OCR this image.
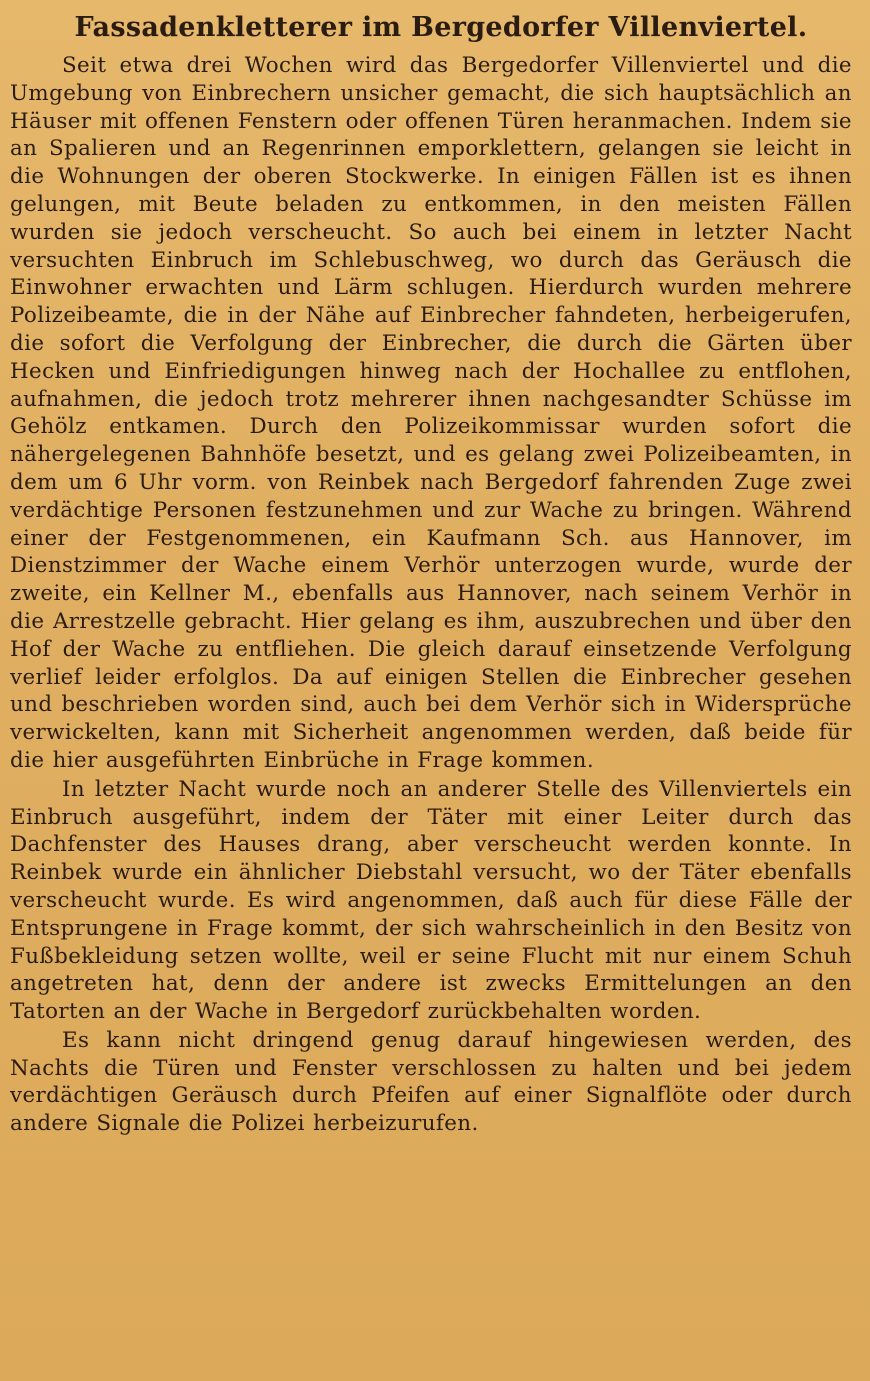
Fassadenkletterer im Bergedorfer Villenviertel.

Seit etwa drei Wochen wird das Bergedorfer Villenviertel und die Umgebung von Einbrechern unsicher gemacht, die sich hauptsächlich an Häuser mit offenen Fenstern oder offenen Türen heranmachen. Indem sie an Spalieren und an Regenrinnen emporklettern, gelangen sie leicht in die Wohnungen der oberen Stockwerke. In einigen Fällen ist es ihnen gelungen, mit Beute beladen zu entkommen, in den meisten Fällen wurden sie jedoch verscheucht. So auch bei einem in letzter Nacht versuchten Einbruch im Schlebuschweg, wo durch das Geräusch die Einwohner erwachten und Lärm schlugen. Hierdurch wurden mehrere Polizeibeamte, die in der Nähe auf Einbrecher fahndeten, herbeigerufen, die sofort die Verfolgung der Einbrecher, die durch die Gärten über Hecken und Einfriedigungen hinweg nach der Hochallee zu entflohen, aufnahmen, die jedoch trotz mehrerer ihnen nachgesandter Schüsse im Gehölz entkamen. Durch den Polizeikommissar wurden sofort die nähergelegenen Bahnhöfe besetzt, und es gelang zwei Polizeibeamten, in dem um 6 Uhr vorm. von Reinbek nach Bergedorf fahrenden Zuge zwei verdächtige Personen festzunehmen und zur Wache zu bringen. Während einer der Festgenommenen, ein Kaufmann Sch. aus Hannover, im Dienstzimmer der Wache einem Verhör unterzogen wurde, wurde der zweite, ein Kellner M., ebenfalls aus Hannover, nach seinem Verhör in die Arrestzelle gebracht. Hier gelang es ihm, auszubrechen und über den Hof der Wache zu entfliehen. Die gleich darauf einsetzende Verfolgung verlief leider erfolglos. Da auf einigen Stellen die Einbrecher gesehen und beschrieben worden sind, auch bei dem Verhör sich in Widersprüche verwickelten, kann mit Sicherheit angenommen werden, daß beide für die hier ausgeführten Einbrüche in Frage kommen.

In letzter Nacht wurde noch an anderer Stelle des Villenviertels ein Einbruch ausgeführt, indem der Täter mit einer Leiter durch das Dachfenster des Hauses drang, aber verscheucht werden konnte. In Reinbek wurde ein ähnlicher Diebstahl versucht, wo der Täter ebenfalls verscheucht wurde. Es wird angenommen, daß auch für diese Fälle der Entsprungene in Frage kommt, der sich wahrscheinlich in den Besitz von Fußbekleidung setzen wollte, weil er seine Flucht mit nur einem Schuh angetreten hat, denn der andere ist zwecks Ermittelungen an den Tatorten an der Wache in Bergedorf zurückbehalten worden.

Es kann nicht dringend genug darauf hingewiesen werden, des Nachts die Türen und Fenster verschlossen zu halten und bei jedem verdächtigen Geräusch durch Pfeifen auf einer Signalflöte oder durch andere Signale die Polizei herbeizurufen.
